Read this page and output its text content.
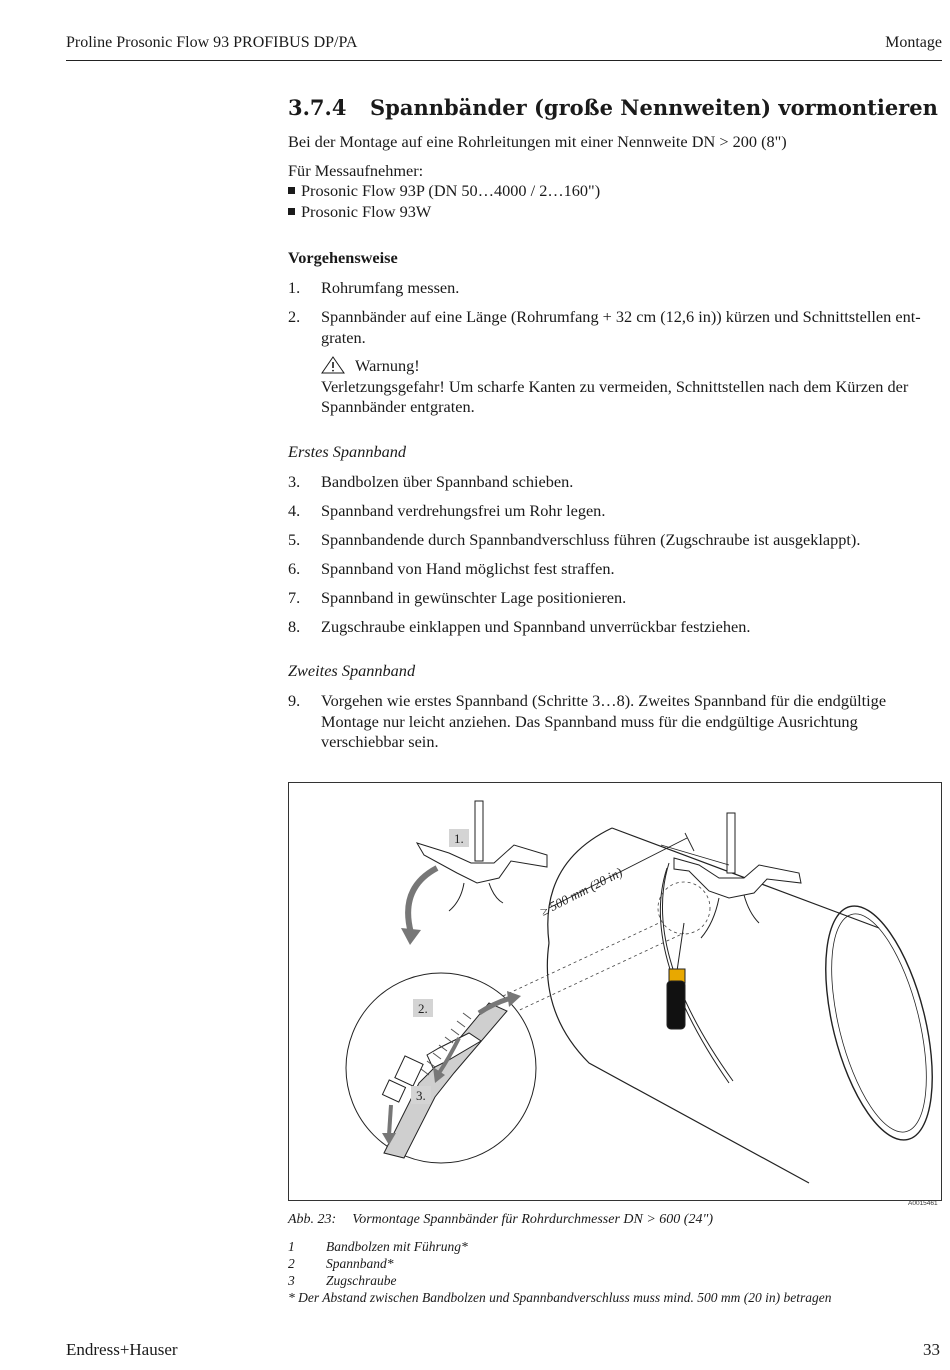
Proline Prosonic Flow 93 PROFIBUS DP/PA	Montage
3.7.4 Spannbänder (große Nennweiten) vormontieren
Bei der Montage auf eine Rohrleitungen mit einer Nennweite DN > 200 (8")
Für Messaufnehmer:
Prosonic Flow 93P (DN 50…4000 / 2…160")
Prosonic Flow 93W
Vorgehensweise
1. Rohrumfang messen.
2. Spannbänder auf eine Länge (Rohrumfang + 32 cm (12,6 in)) kürzen und Schnittstellen ent-
graten.
Warnung!
Verletzungsgefahr! Um scharfe Kanten zu vermeiden, Schnittstellen nach dem Kürzen der
Spannbänder entgraten.
Erstes Spannband
3. Bandbolzen über Spannband schieben.
4. Spannband verdrehungsfrei um Rohr legen.
5. Spannbandende durch Spannbandverschluss führen (Zugschraube ist ausgeklappt).
6. Spannband von Hand möglichst fest straffen.
7. Spannband in gewünschter Lage positionieren.
8. Zugschraube einklappen und Spannband unverrückbar festziehen.
Zweites Spannband
9. Vorgehen wie erstes Spannband (Schritte 3…8). Zweites Spannband für die endgültige
Montage nur leicht anziehen. Das Spannband muss für die endgültige Ausrichtung
verschiebbar sein.
≥ 500 mm (20 in)
1.
2.
3.
A0015461
Abb. 23: Vormontage Spannbänder für Rohrdurchmesser DN > 600 (24")
1 Bandbolzen mit Führung*
2 Spannband*
3 Zugschraube
* Der Abstand zwischen Bandbolzen und Spannbandverschluss muss mind. 500 mm (20 in) betragen
Endress+Hauser	33
